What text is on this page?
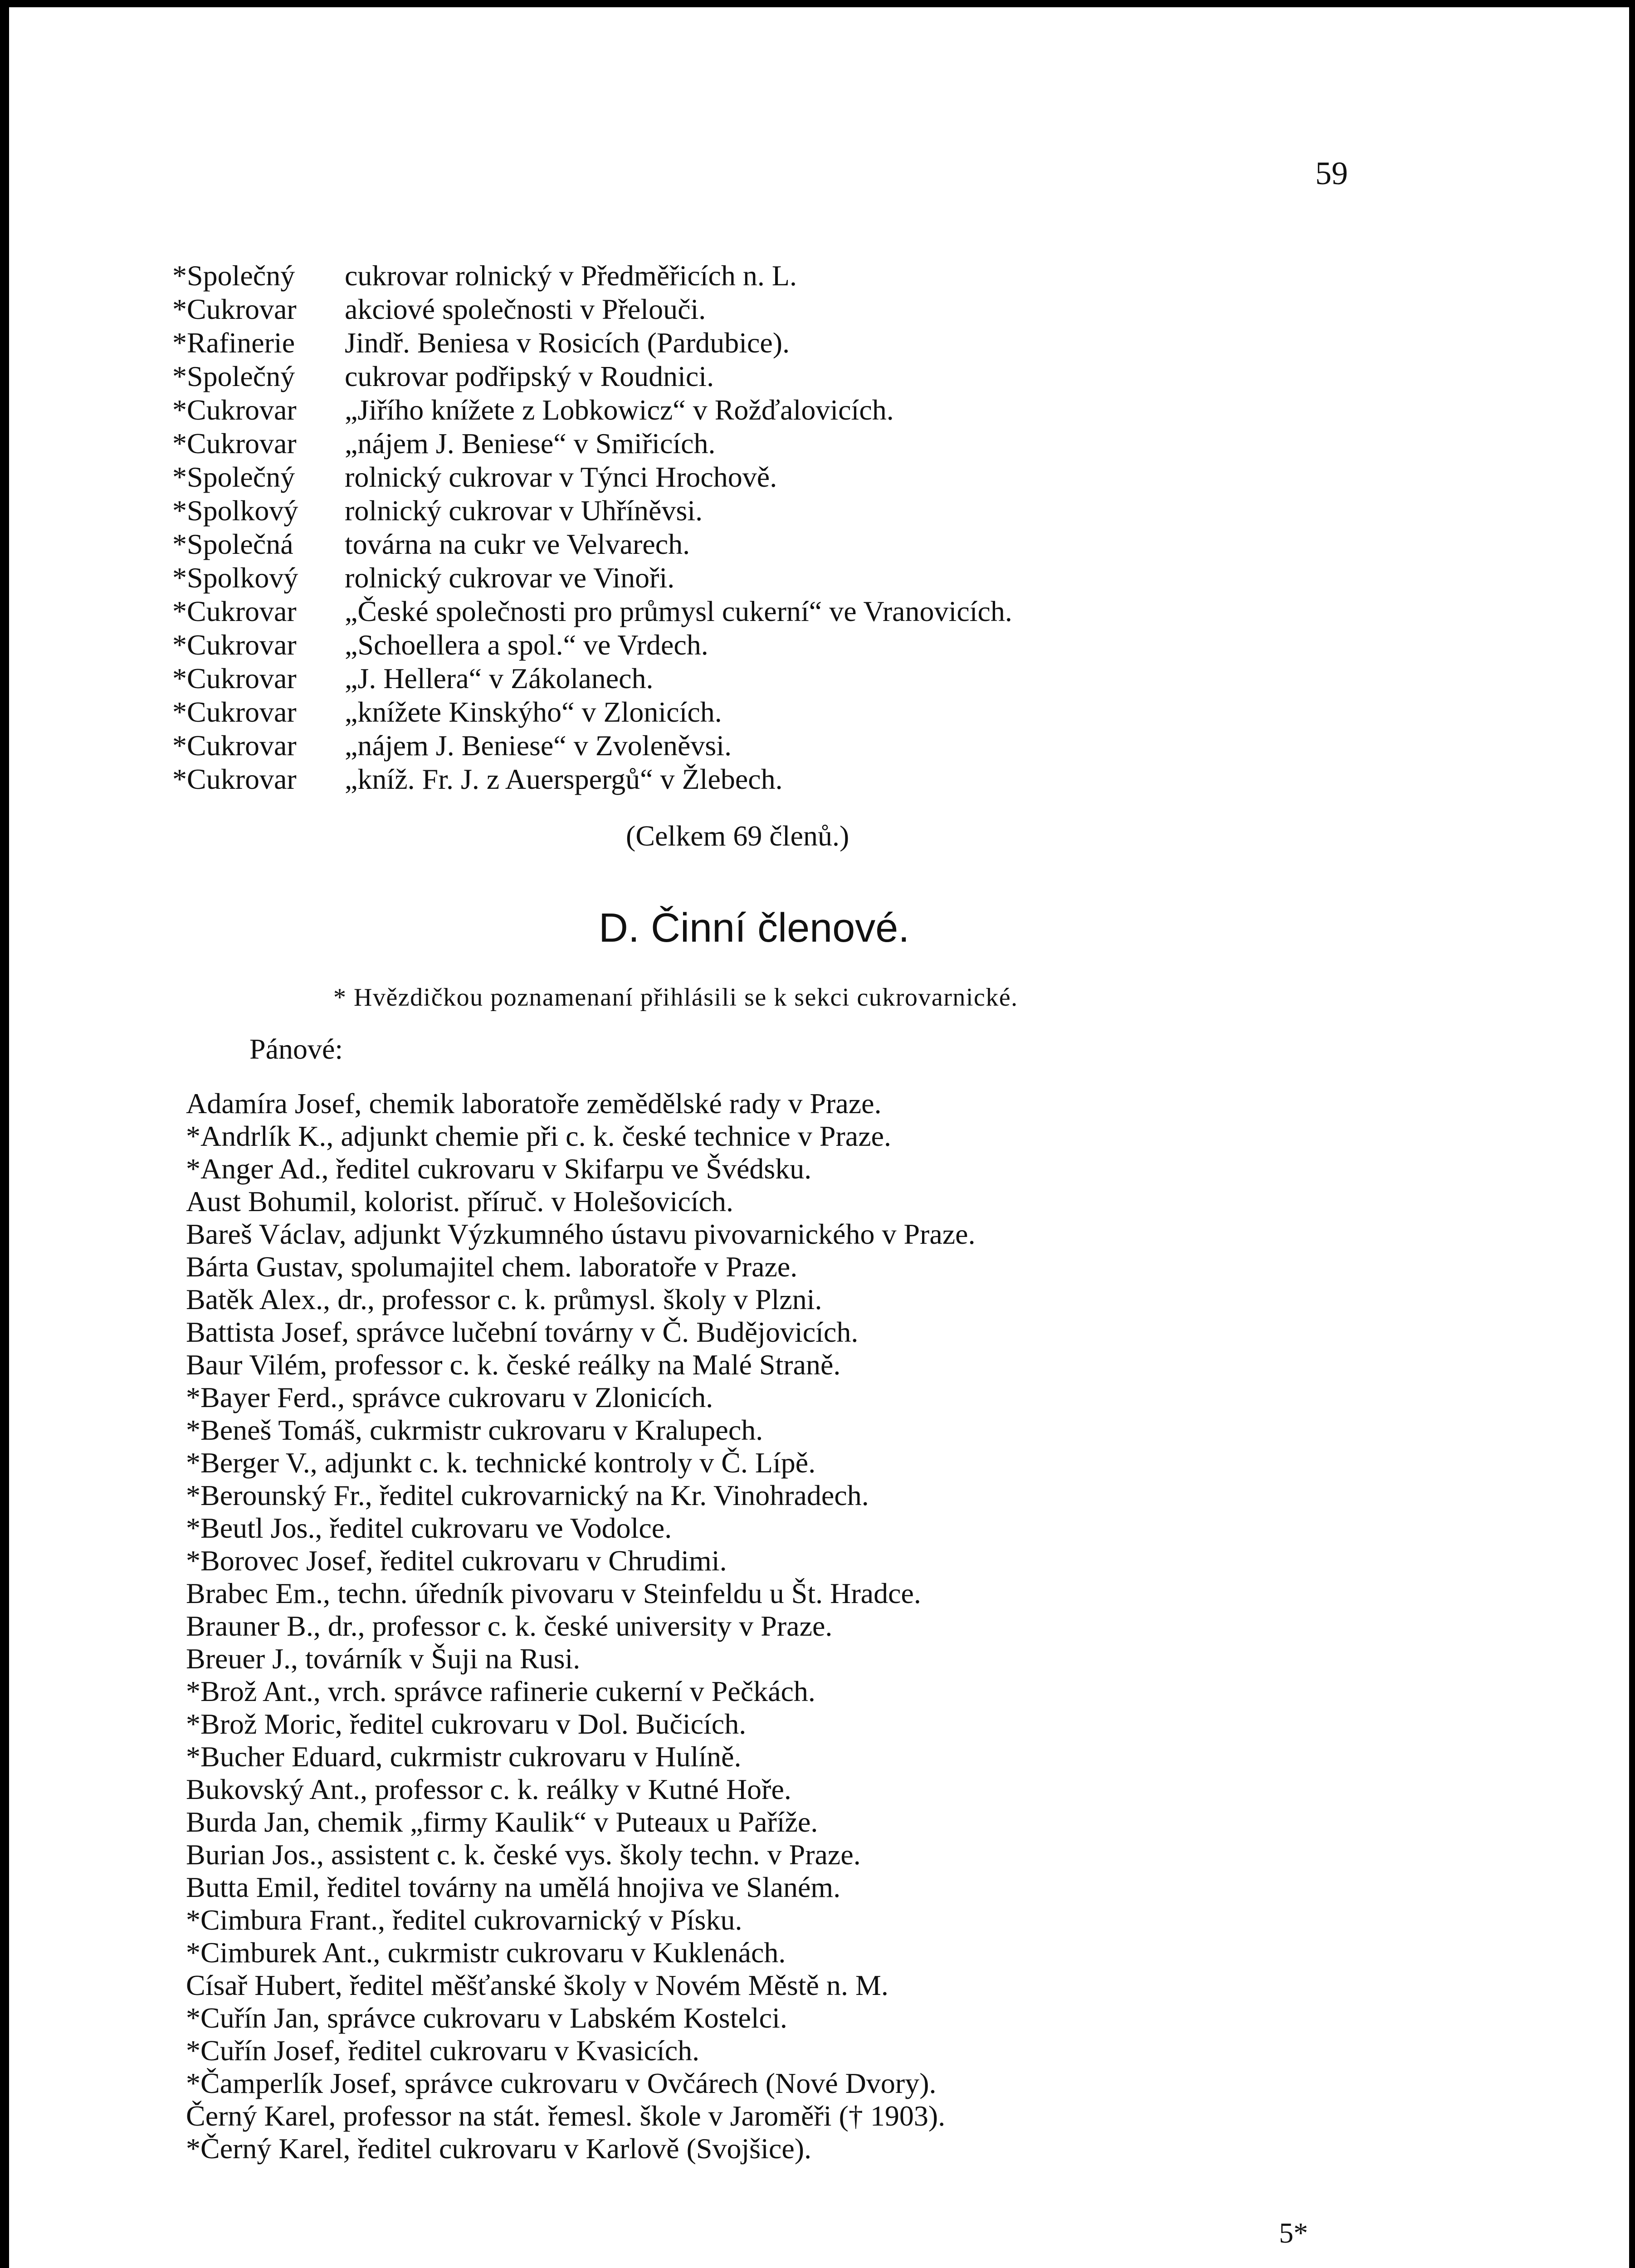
59
*Společný cukrovar rolnický v Předměřicích n. L.
*Cukrovar akciové společnosti v Přelouči.
*Rafinerie Jindř. Beniesa v Rosicích (Pardubice).
*Společný cukrovar podřipský v Roudnici.
*Cukrovar „Jiřího knížete z Lobkowicz“ v Rožďalovicích.
*Cukrovar „nájem J. Beniese“ v Smiřicích.
*Společný rolnický cukrovar v Týnci Hrochově.
*Spolkový rolnický cukrovar v Uhříněvsi.
*Společná továrna na cukr ve Velvarech.
*Spolkový rolnický cukrovar ve Vinoři.
*Cukrovar „České společnosti pro průmysl cukerní“ ve Vranovicích.
*Cukrovar „Schoellera a spol.“ ve Vrdech.
*Cukrovar „J. Hellera“ v Zákolanech.
*Cukrovar „knížete Kinskýho“ v Zlonicích.
*Cukrovar „nájem J. Beniese“ v Zvoleněvsi.
*Cukrovar „kníž. Fr. J. z Auerspergů“ v Žlebech.
(Celkem 69 členů.)
D. Činní členové.
* Hvězdičkou poznamenaní přihlásili se k sekci cukrovarnické.
Pánové:
Adamíra Josef, chemik laboratoře zemědělské rady v Praze.
*Andrlík K., adjunkt chemie při c. k. české technice v Praze.
*Anger Ad., ředitel cukrovaru v Skifarpu ve Švédsku.
Aust Bohumil, kolorist. příruč. v Holešovicích.
Bareš Václav, adjunkt Výzkumného ústavu pivovarnického v Praze.
Bárta Gustav, spolumajitel chem. laboratoře v Praze.
Batěk Alex., dr., professor c. k. průmysl. školy v Plzni.
Battista Josef, správce lučební továrny v Č. Budějovicích.
Baur Vilém, professor c. k. české reálky na Malé Straně.
*Bayer Ferd., správce cukrovaru v Zlonicích.
*Beneš Tomáš, cukrmistr cukrovaru v Kralupech.
*Berger V., adjunkt c. k. technické kontroly v Č. Lípě.
*Berounský Fr., ředitel cukrovarnický na Kr. Vinohradech.
*Beutl Jos., ředitel cukrovaru ve Vodolce.
*Borovec Josef, ředitel cukrovaru v Chrudimi.
Brabec Em., techn. úředník pivovaru v Steinfeldu u Št. Hradce.
Brauner B., dr., professor c. k. české university v Praze.
Breuer J., továrník v Šuji na Rusi.
*Brož Ant., vrch. správce rafinerie cukerní v Pečkách.
*Brož Moric, ředitel cukrovaru v Dol. Bučicích.
*Bucher Eduard, cukrmistr cukrovaru v Hulíně.
Bukovský Ant., professor c. k. reálky v Kutné Hoře.
Burda Jan, chemik „firmy Kaulik“ v Puteaux u Paříže.
Burian Jos., assistent c. k. české vys. školy techn. v Praze.
Butta Emil, ředitel továrny na umělá hnojiva ve Slaném.
*Cimbura Frant., ředitel cukrovarnický v Písku.
*Cimburek Ant., cukrmistr cukrovaru v Kuklenách.
Císař Hubert, ředitel měšťanské školy v Novém Městě n. M.
*Cuřín Jan, správce cukrovaru v Labském Kostelci.
*Cuřín Josef, ředitel cukrovaru v Kvasicích.
*Čamperlík Josef, správce cukrovaru v Ovčárech (Nové Dvory).
Černý Karel, professor na stát. řemesl. škole v Jaroměři († 1903).
*Černý Karel, ředitel cukrovaru v Karlově (Svojšice).
5*
